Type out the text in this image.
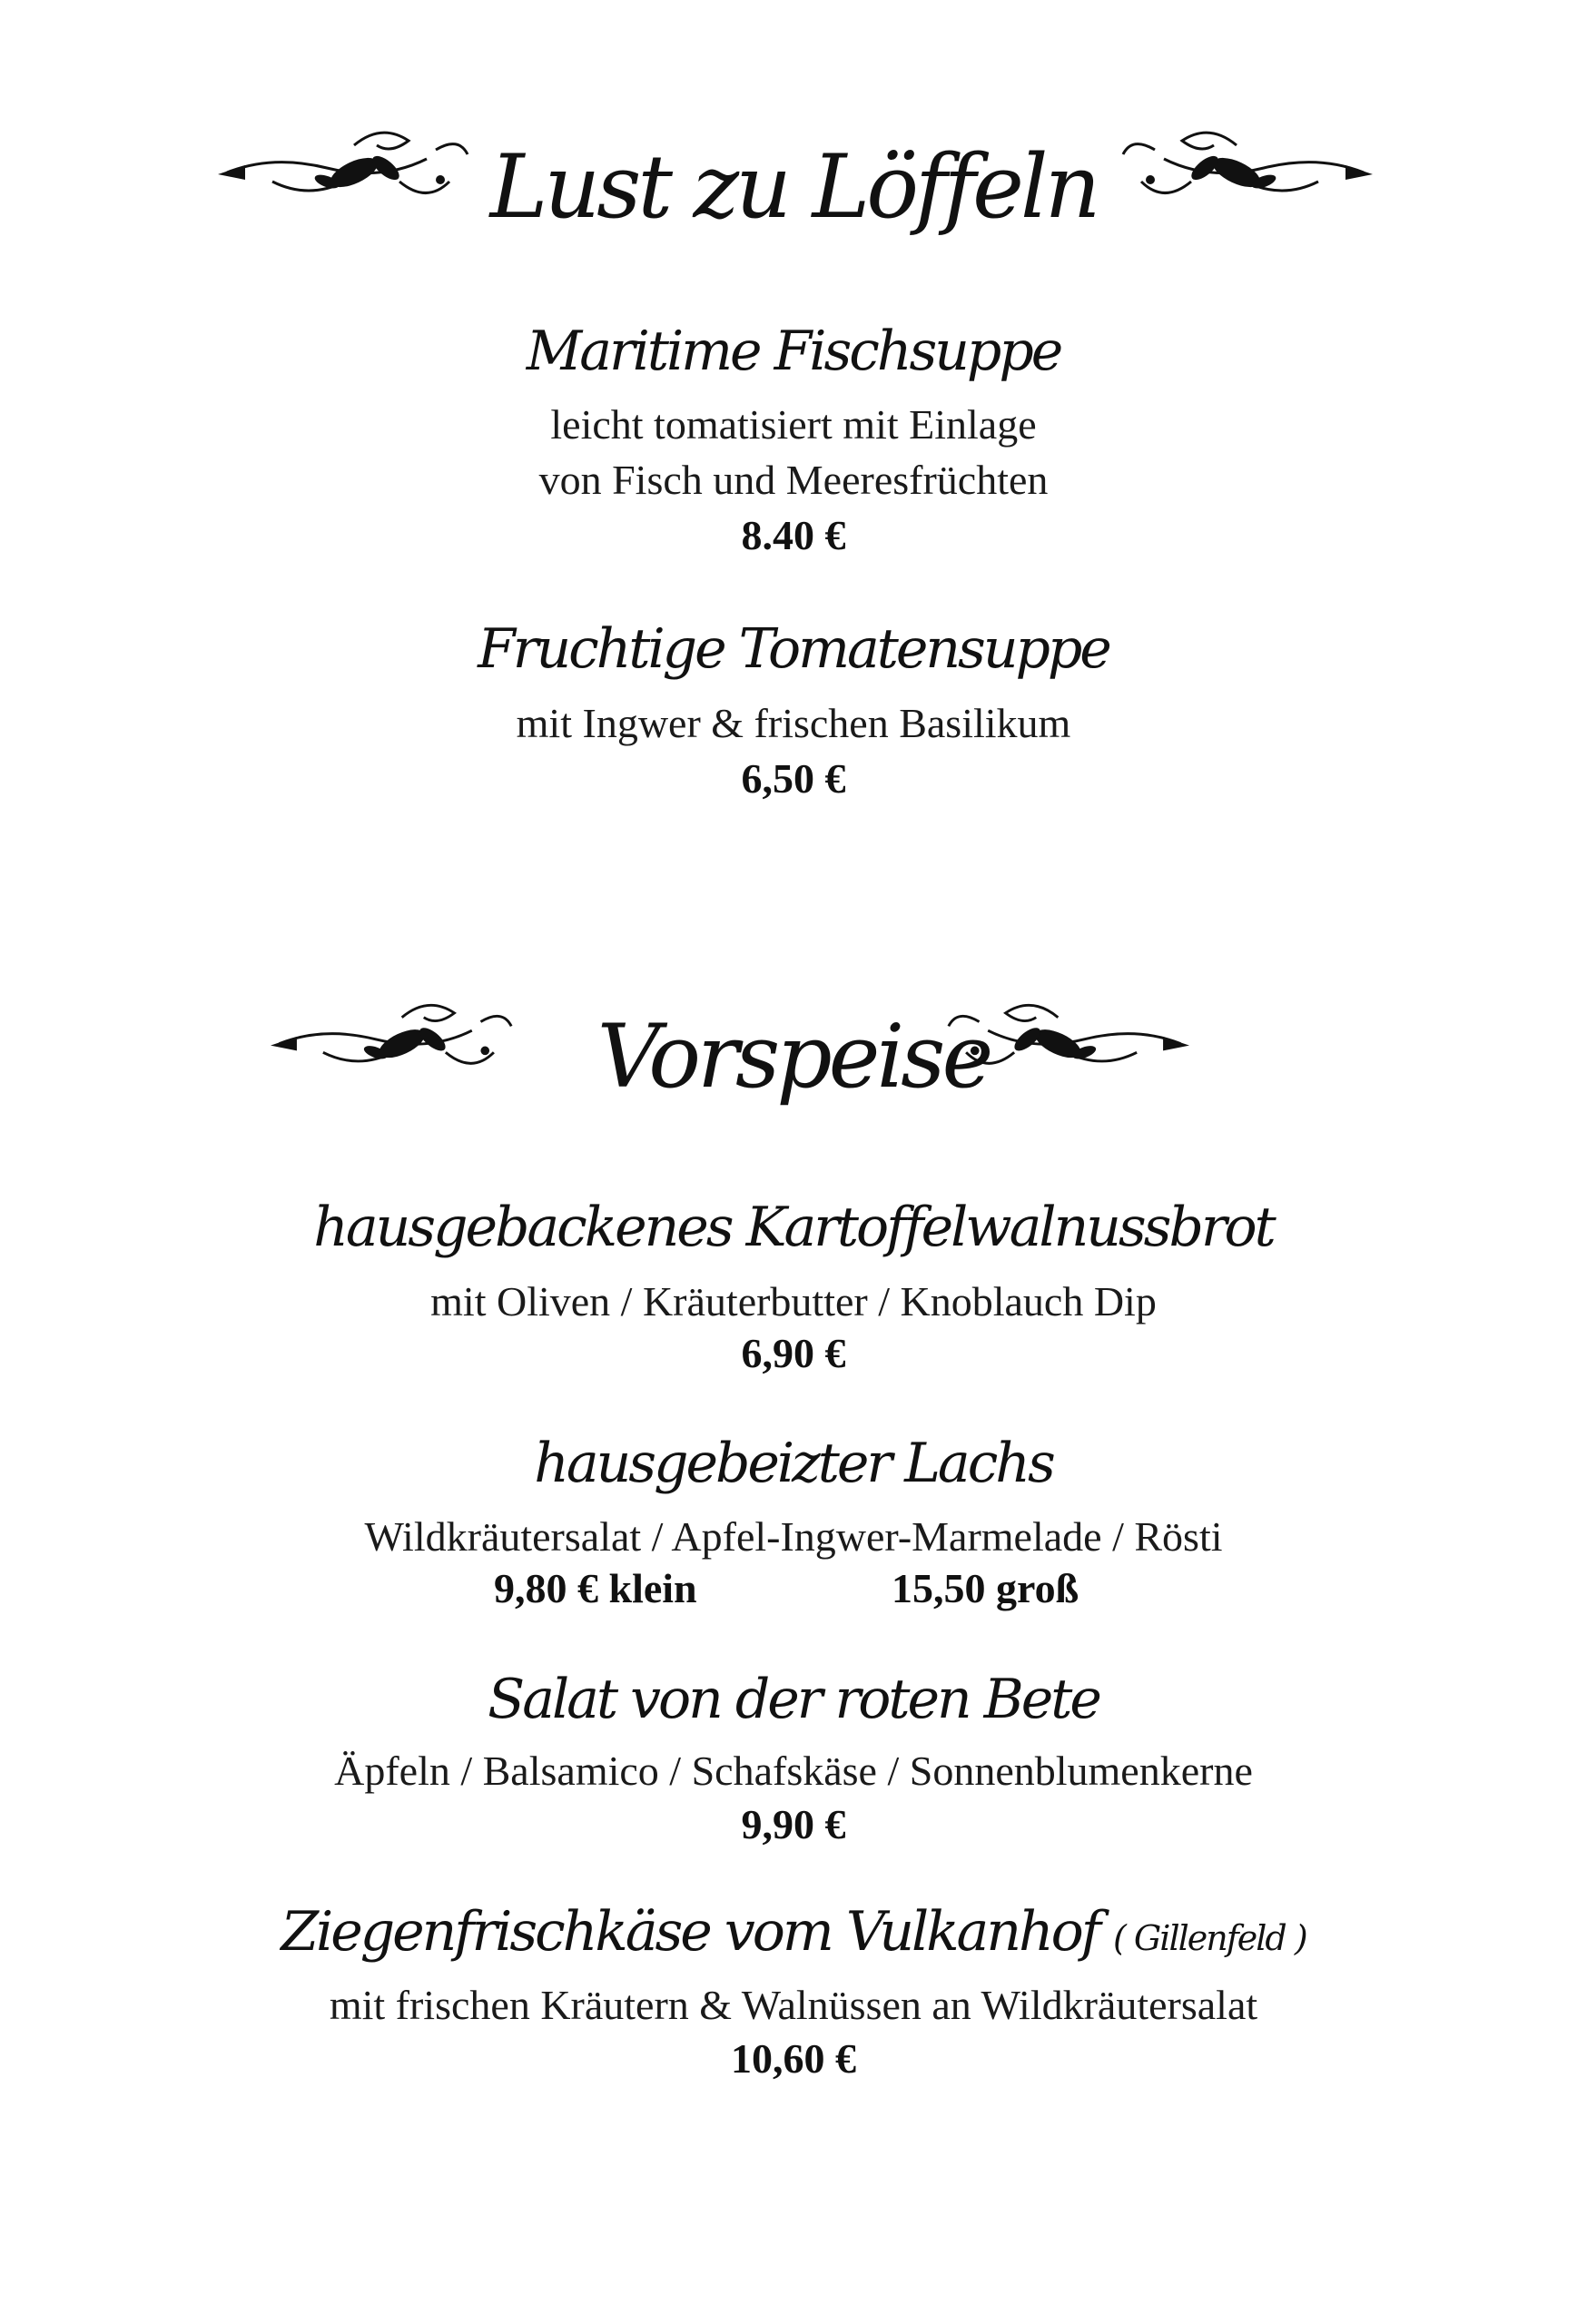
Lust zu Löffeln
Maritime Fischsuppe
leicht tomatisiert mit Einlage
von Fisch und Meeresfrüchten
8.40 €
Fruchtige Tomatensuppe
mit Ingwer & frischen Basilikum
6,50 €
Vorspeise
hausgebackenes Kartoffelwalnussbrot
mit Oliven / Kräuterbutter / Knoblauch Dip
6,90 €
hausgebeizter Lachs
Wildkräutersalat / Apfel-Ingwer-Marmelade / Rösti
9,80 € klein	15,50 groß
Salat von der roten Bete
Äpfeln / Balsamico / Schafskäse / Sonnenblumenkerne
9,90 €
Ziegenfrischkäse vom Vulkanhof ( Gillenfeld )
mit frischen Kräutern & Walnüssen an Wildkräutersalat
10,60 €
